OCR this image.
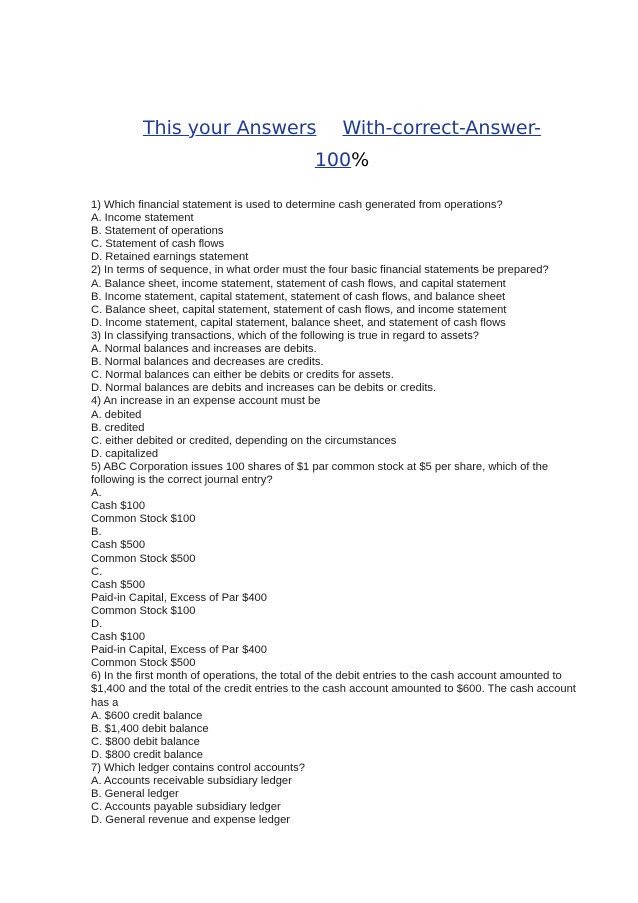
This your Answers With-correct-Answer-
100%
1) Which financial statement is used to determine cash generated from operations?
A. Income statement
B. Statement of operations
C. Statement of cash flows
D. Retained earnings statement
2) In terms of sequence, in what order must the four basic financial statements be prepared?
A. Balance sheet, income statement, statement of cash flows, and capital statement
B. Income statement, capital statement, statement of cash flows, and balance sheet
C. Balance sheet, capital statement, statement of cash flows, and income statement
D. Income statement, capital statement, balance sheet, and statement of cash flows
3) In classifying transactions, which of the following is true in regard to assets?
A. Normal balances and increases are debits.
B. Normal balances and decreases are credits.
C. Normal balances can either be debits or credits for assets.
D. Normal balances are debits and increases can be debits or credits.
4) An increase in an expense account must be
A. debited
B. credited
C. either debited or credited, depending on the circumstances
D. capitalized
5) ABC Corporation issues 100 shares of $1 par common stock at $5 per share, which of the
following is the correct journal entry?
A.
Cash $100
Common Stock $100
B.
Cash $500
Common Stock $500
C.
Cash $500
Paid-in Capital, Excess of Par $400
Common Stock $100
D.
Cash $100
Paid-in Capital, Excess of Par $400
Common Stock $500
6) In the first month of operations, the total of the debit entries to the cash account amounted to
$1,400 and the total of the credit entries to the cash account amounted to $600. The cash account
has a
A. $600 credit balance
B. $1,400 debit balance
C. $800 debit balance
D. $800 credit balance
7) Which ledger contains control accounts?
A. Accounts receivable subsidiary ledger
B. General ledger
C. Accounts payable subsidiary ledger
D. General revenue and expense ledger
